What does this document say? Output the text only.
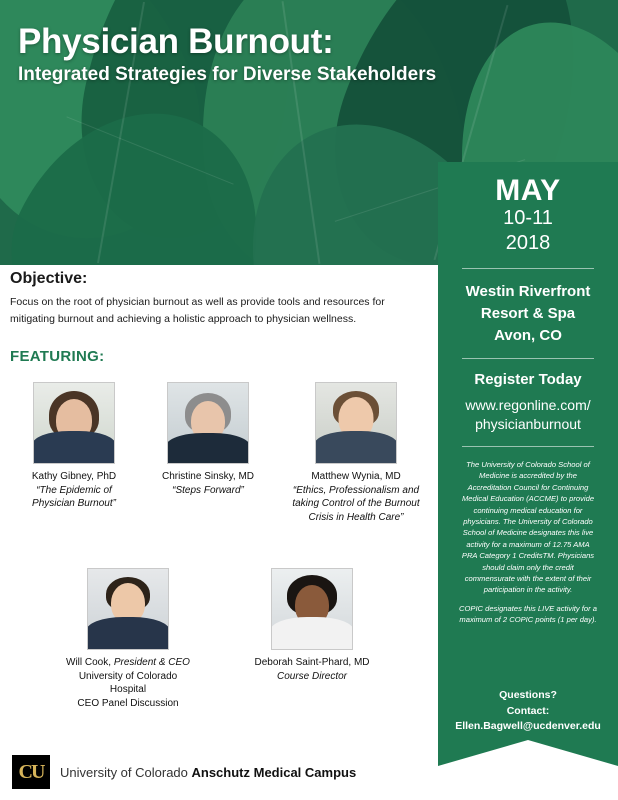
Physician Burnout:
Integrated Strategies for Diverse Stakeholders
MAY
10-11
2018
Westin Riverfront
Resort & Spa
Avon, CO
Register Today
www.regonline.com/
physicianburnout

The University of Colorado School of Medicine is accredited by the Accreditation Council for Continuing Medical Education (ACCME) to provide continuing medical education for physicians. The University of Colorado School of Medicine designates this live activity for a maximum of 12.75 AMA PRA Category 1 CreditsTM. Physicians should claim only the credit commensurate with the extent of their participation in the activity.

COPIC designates this LIVE activity for a maximum of 2 COPIC points (1 per day).

Questions?
Contact:
Ellen.Bagwell@ucdenver.edu
Objective:
Focus on the root of physician burnout as well as provide tools and resources for mitigating burnout and achieving a holistic approach to physician wellness.
FEATURING:
Kathy Gibney, PhD
“The Epidemic of
Physician Burnout”
Christine Sinsky, MD
“Steps Forward”
Matthew Wynia, MD
“Ethics, Professionalism and
taking Control of the Burnout
Crisis in Health Care”
Will Cook, President & CEO
University of Colorado Hospital
CEO Panel Discussion
Deborah Saint-Phard, MD
Course Director
CU	University of Colorado Anschutz Medical Campus
